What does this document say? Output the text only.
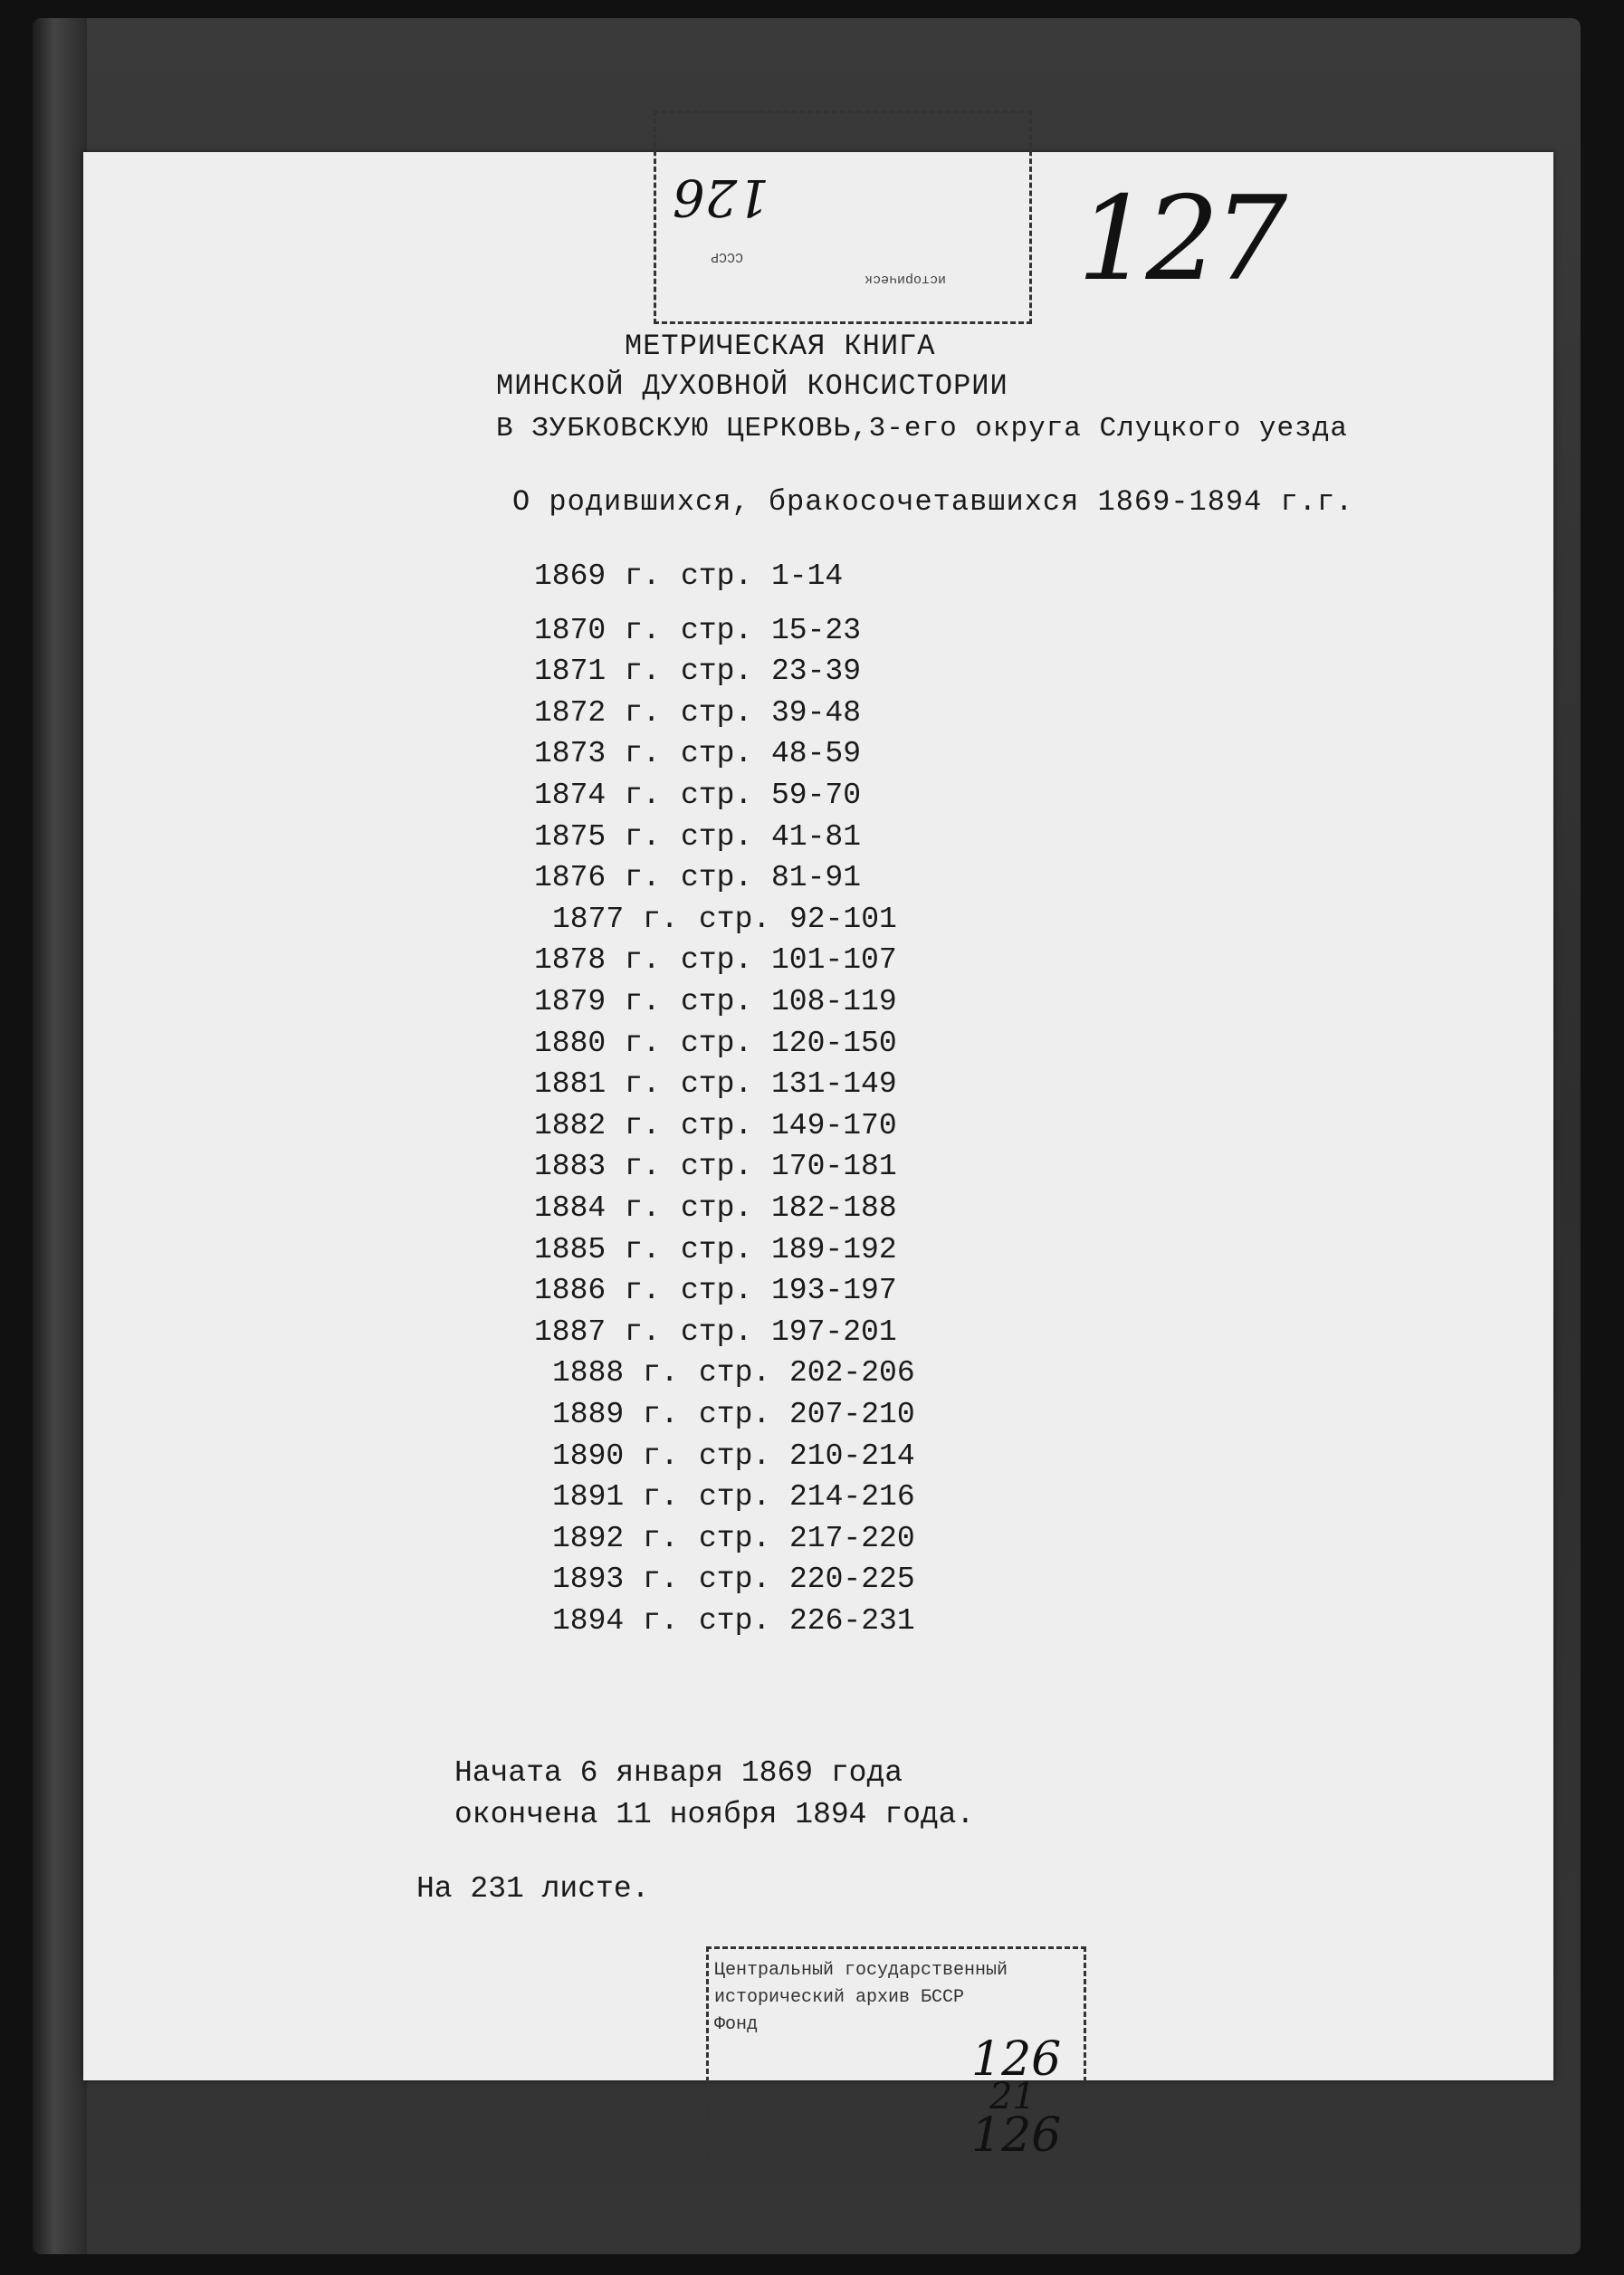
СССР
историческ
126	127
МЕТРИЧЕСКАЯ КНИГА
МИНСКОЙ ДУХОВНОЙ КОНСИСТОРИИ
В ЗУБКОВСКУЮ ЦЕРКОВЬ,3-его округа Слуцкого уезда
О родившихся, бракосочетавшихся 1869-1894 г.г.
1869 г. стр. 1-14
1870 г. стр. 15-23
1871 г. стр. 23-39
1872 г. стр. 39-48
1873 г. стр. 48-59
1874 г. стр. 59-70
1875 г. стр. 41-81
1876 г. стр. 81-91
1877 г. стр. 92-101
1878 г. стр. 101-107
1879 г. стр. 108-119
1880 г. стр. 120-150
1881 г. стр. 131-149
1882 г. стр. 149-170
1883 г. стр. 170-181
1884 г. стр. 182-188
1885 г. стр. 189-192
1886 г. стр. 193-197
1887 г. стр. 197-201
1888 г. стр. 202-206
1889 г. стр. 207-210
1890 г. стр. 210-214
1891 г. стр. 214-216
1892 г. стр. 217-220
1893 г. стр. 220-225
1894 г. стр. 226-231
Начата 6 января 1869 года
окончена 11 ноября 1894 года.
На 231 листе.
Центральный государственный
исторический архив БССР
Фонд
126
21
126
